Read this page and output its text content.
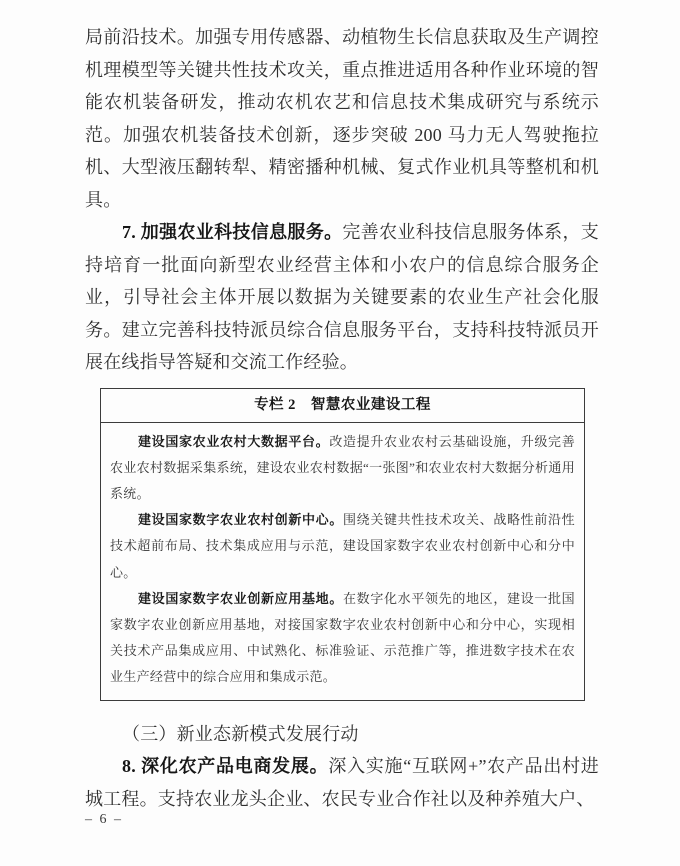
局前沿技术。加强专用传感器、动植物生长信息获取及生产调控机理模型等关键共性技术攻关，重点推进适用各种作业环境的智能农机装备研发，推动农机农艺和信息技术集成研究与系统示范。加强农机装备技术创新，逐步突破 200 马力无人驾驶拖拉机、大型液压翻转犁、精密播种机械、复式作业机具等整机和机具。

7. 加强农业科技信息服务。完善农业科技信息服务体系，支持培育一批面向新型农业经营主体和小农户的信息综合服务企业，引导社会主体开展以数据为关键要素的农业生产社会化服务。建立完善科技特派员综合信息服务平台，支持科技特派员开展在线指导答疑和交流工作经验。

专栏 2　智慧农业建设工程

建设国家农业农村大数据平台。改造提升农业农村云基础设施，升级完善农业农村数据采集系统，建设农业农村数据“一张图”和农业农村大数据分析通用系统。

建设国家数字农业农村创新中心。围绕关键共性技术攻关、战略性前沿性技术超前布局、技术集成应用与示范，建设国家数字农业农村创新中心和分中心。

建设国家数字农业创新应用基地。在数字化水平领先的地区，建设一批国家数字农业创新应用基地，对接国家数字农业农村创新中心和分中心，实现相关技术产品集成应用、中试熟化、标准验证、示范推广等，推进数字技术在农业生产经营中的综合应用和集成示范。

（三）新业态新模式发展行动

8. 深化农产品电商发展。深入实施“互联网+”农产品出村进城工程。支持农业龙头企业、农民专业合作社以及种养殖大户、

– 6 –
